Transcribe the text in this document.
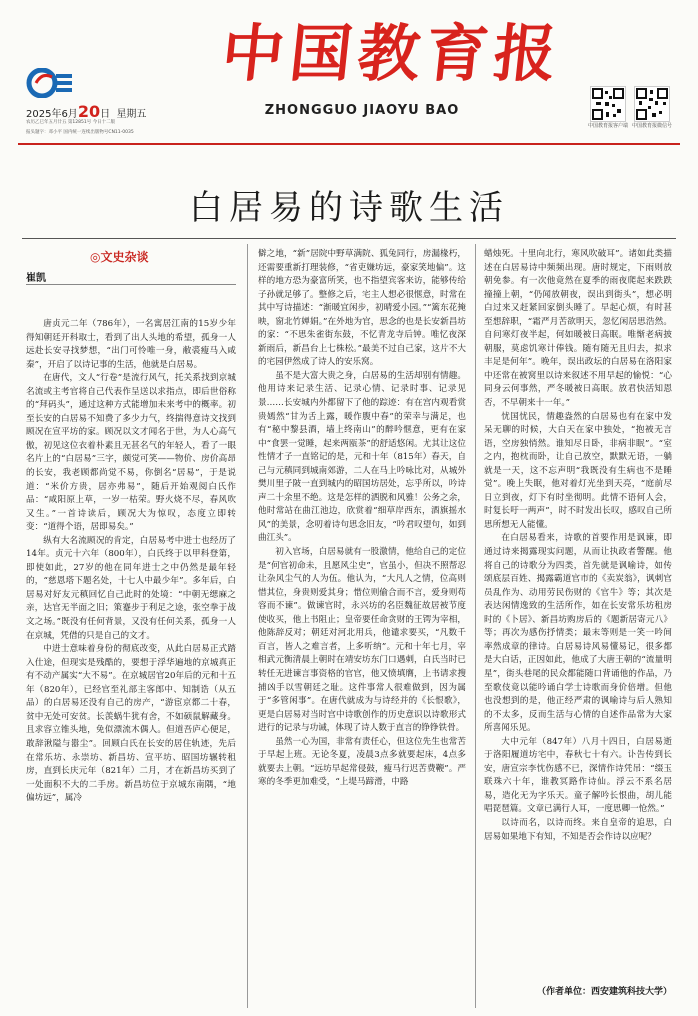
2025年6月20日 星期五
农历乙巳年五月廿五 第12851号 今日十二版
报头题字：邓小平 国内统一连续出版物号CN11-0035
中国教育报
ZHONGGUO JIAOYU BAO
中国教育报客户端 中国教育报微信号
白居易的诗歌生活
◎文史杂谈
崔凯

唐贞元二年（786年），一名寓居江南的15岁少年得知朝廷开科取士，看到了出人头地的希望，孤身一人远赴长安寻找梦想，“出门可怜唯一身，敝裘瘦马入咸秦”，开启了以诗记事的生活，他就是白居易。

在唐代，文人“行卷”是流行风气，托关系找到京城名流或主考官将自己代表作呈送以求指点，即后世俗称的“拜码头”，通过这种方式能增加未来考中的概率。初至长安的白居易不知费了多少力气，终揣得意诗文找到顾况在宣平坊的家。顾况以文才闻名于世，为人心高气傲，初见这位衣着朴素且无甚名气的年轻人，看了一眼名片上的“白居易”三字，颇觉可笑——物价、房价高昂的长安，我老顾都尚觉不易，你倒名“居易”，于是说道：“米价方贵，居亦弗易”，随后开始观阅白氏作品：“咸阳原上草，一岁一枯荣。野火烧不尽，春风吹又生。”一首诗读后，顾况大为惊叹，态度立即转变：“道得个语，居即易矣。”

纵有大名流顾况的肯定，白居易考中进士也经历了14年。贞元十六年（800年），白氏终于以甲科登第，即使如此，27岁的他在同年进士之中仍然是最年轻的，“慈恩塔下题名处，十七人中最少年”。多年后，白居易对好友元稹回忆自己此时的处境：“中朝无缌麻之亲，达官无半面之旧；策蹇步于利足之途，张空拳于战文之场。”既没有任何背景，又没有任何关系，孤身一人在京城，凭借的只是自己的文才。

中进士意味着身份的彻底改变，从此白居易正式踏入仕途，但现实是残酷的，要想于浮华遍地的京城真正有不动产属实“大不易”。在京城居官20年后的元和十五年（820年），已经官至礼部主客郎中、知制诰（从五品）的白居易还没有自己的房产，“游宦京都二十春，贫中无处可安贫。长羡蜗牛犹有舍，不如硕鼠解藏身。且求容立锥头地，免似漂流木偶人。但道吾庐心便足，敢辞湫隘与嚣尘”。回顾白氏在长安的居住轨迹，先后在常乐坊、永崇坊、新昌坊、宣平坊、昭国坊辗转租房，直到长庆元年（821年）二月，才在新昌坊买到了一处面积不大的二手房。新昌坊位于京城东南隅，“地偏坊远”，属冷

僻之地，“新”居院中野草满院、狐兔同行，房漏椽朽，还需要重新打理装修，“省吏嫌坊远，豪家笑地偏”。这样的地方恐为豪富所笑，也不指望宾客来访，能够传给子孙就足够了。整修之后，宅主人想必很惬意，时常在其中写诗描述：“渐暖宜闲步，初晴爱小园。”“篱东花掩映，窗北竹婵娟。”在外地为官，思念的也是长安新昌坊的家：“不思朱雀街东鼓，不忆青龙寺后钟。唯忆夜深新雨后，新昌台上七株松。”最美不过自己家，这片不大的宅园伊然成了诗人的安乐窝。

虽不是大富大贵之身，白居易的生活却别有情趣。他用诗来记录生活、记录心情、记录时事、记录见景……长安城内外都留下了他的踪迹：有在宫内观看赏贵嫣然“甘为舌上露，暖作腹中春”的荣幸与满足，也有“秘中黎县酒，墙上终南山”的醉吟惬意，更有在家中“食罢一觉睡，起来两瓯茶”的舒适悠闲。尤其让这位性情才子一直铭记的是，元和十年（815年）春天，自己与元稹同到城南郊游，二人在马上吟咏比对，从城外樊川里子陂一直到城内的昭国坊居处，忘乎所以，吟诗声二十余里不绝。这是怎样的洒脱和风雅！公务之余，他时常站在曲江池边，欣赏着“细草岸西东，酒旗摇水风”的美景，念叨着诗句思念旧友，“吟君叹望句，如到曲江头”。

初入官场，白居易就有一股激情，他给自己的定位是“何官初命未，且愿风尘史”，官虽小，但决不照帮忍让杂风尘气的人为伍。他认为，“大凡人之情，位高则惜其位，身贵则爱其身；惜位则偷合而不言，爱身则苟容而不谏”。做谏官时，永兴坊的名臣魏征故居被节度使收买，他上书阻止；皇帝要任命贪财的王锷为宰相，他陈辞反对；朝廷对河北用兵，他谴求要买，“凡数千百言，皆人之难言者，上多听纳”。元和十年七月，宰相武元衡清晨上朝时在靖安坊东门口遇刺，白氏当时已转任无进谏言事资格的官官，他又愤填膺，上书请求搜捕凶手以雪朝廷之耻。这件事常人很难做到，因为属于“多管闲事”。在唐代就成为与诗经并的《长恨歌》，更是白居易对当时宫中诗歌创作的历史意识以诗歌形式进行的记录与功诫，体现了诗人数于直言的铮铮铁骨。

虽然一心为国，非常有责任心，但这位先生也常苦于早起上班。无论冬夏，凌晨3点多就要起床，4点多就要去上朝。“远坊早起常侵鼓，瘦马行迟苦费鞭”。严寒的冬季更加难受，“上堤马蹄滑，中路

蜡烛死。十里向北行，寒风吹破耳”。诸如此类描述在白居易诗中频频出现。唐时规定，下雨则放朝免参。有一次他竟然在夏季的雨夜爬起来跌跌撞撞上朝，“仍闻放朝夜，误出到街头”，想必明白过来又赶紧回家倒头睡了。早起心烦，有时甚至想辞职，“霜严月苦欲明天，忽忆闲居思浩然。自问寒灯夜半起，何如暖被日高眠。唯惭老病披朝服，莫虑饥寒计俸钱。随有随无且归去，拟求丰足是何年”。晚年，误出政坛的白居易在洛阳家中还常在被窝里以诗来叙述不用早起的愉悦：“心同身云何事然，严冬暖被日高眠。放君快活知恩否，不早朝来十一年。”

忧国忧民，情趣盎然的白居易也有在家中发呆无聊的时候，大白天在家中独处，“抱被无言语，空房独悄然。谁知尽日卧，非病非眠”。“室之内，抱枕而卧，让自己放空，默默无语，一躺就是一天，这不忘声明“我既没有生病也不是睡觉”。晚上失眠，他对着灯光坐到天亮，“庭前尽日立到夜，灯下有时坐彻明。此情不语何人会，时复长吁一两声”，时不时发出长叹，感叹自己所思所想无人能懂。

在白居易看来，诗歌的首要作用是讽谏，即通过诗来揭露现实问题，从而让执政者警醒。他将自己的诗歌分为四类，首先就是讽喻诗，如传颂底层百姓、揭露霸道官市的《卖炭翁》，讽刺官员乱作为、动用劳民伤财的《官牛》等；其次是表达闲情逸致的生活所作，如在长安常乐坊租房时的《卜居》、新昌坊购房后的《题新居寄元八》等；再次为感伤抒情类；最末等则是一笑一吟间率然成章的律诗。白居易诗风易懂易记，很多都是大白话，正因如此，他成了大唐王朝的“流量明星”，街头巷尾的民众都能随口背诵他的作品，乃至歌伎竟以能吟诵白学士诗歌而身价倍增。但他也没想到的是，他正经严肃的讽喻诗与后人熟知的不太多，反而生活与心情的自述作品常为大家所喜闻乐见。

大中元年（847年）八月十四日，白居易逝于洛阳履道坊宅中，春秋七十有六。讣告传到长安，唐宣宗李忱伤感不已，深情作诗凭吊：“缀玉联珠六十年，谁教冥路作诗仙。浮云不系名居易，造化无为字乐天。童子解吟长恨曲，胡儿能唱琵琶篇。文章已满行人耳，一度思卿一怆然。”

以诗而名，以诗而终。来自皇帝的追思，白居易如果地下有知，不知是否会作诗以应呢？

（作者单位：西安建筑科技大学）
